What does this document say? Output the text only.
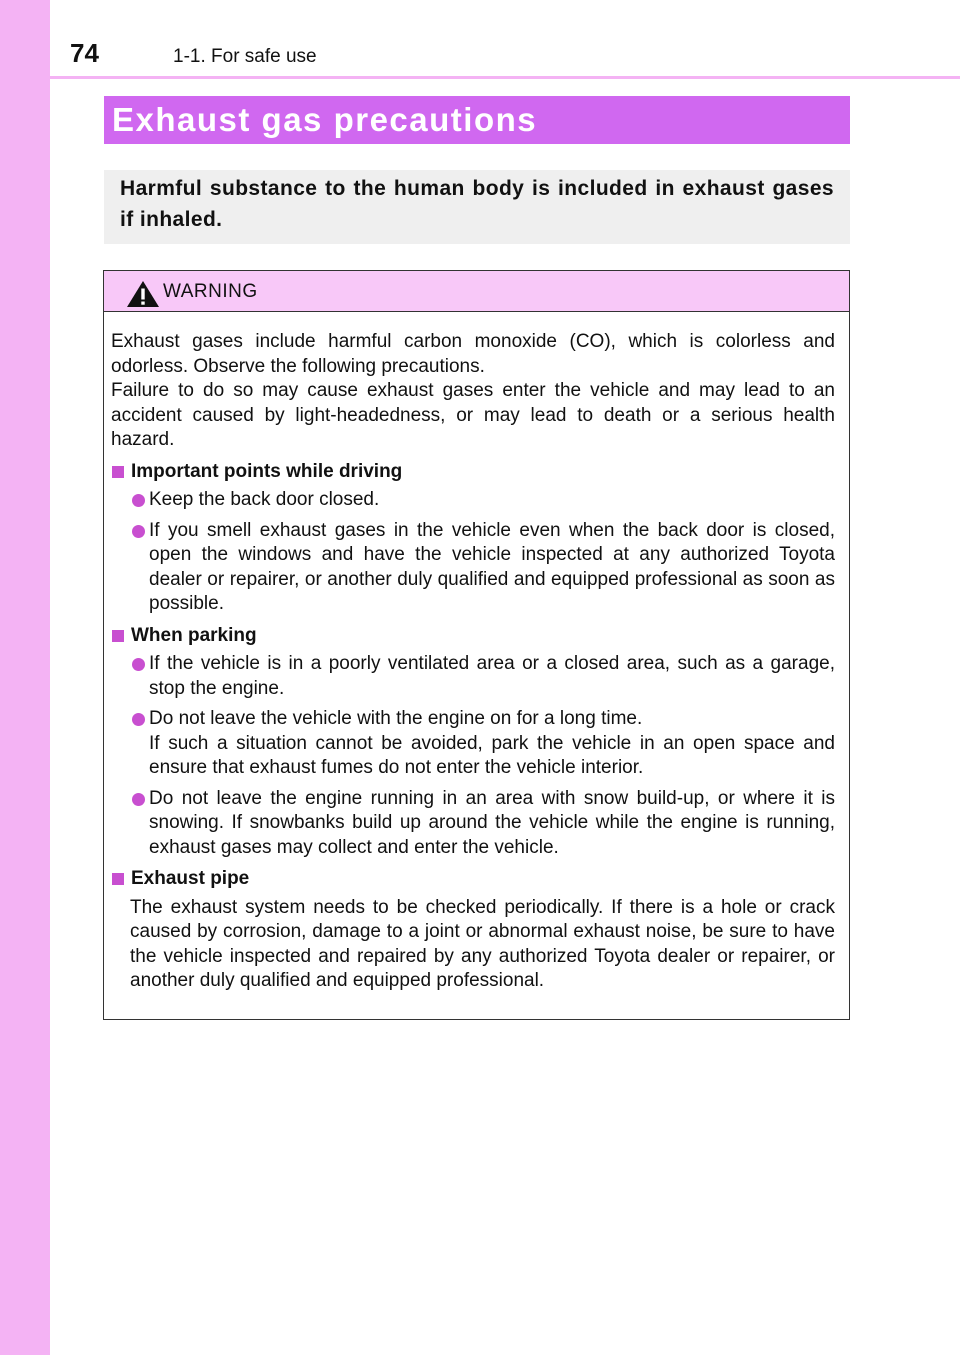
74	1-1. For safe use
Exhaust gas precautions

Harmful substance to the human body is included in exhaust gases if inhaled.

WARNING

Exhaust gases include harmful carbon monoxide (CO), which is colorless and odorless. Observe the following precautions.

Failure to do so may cause exhaust gases enter the vehicle and may lead to an accident caused by light-headedness, or may lead to death or a serious health hazard.

Important points while driving

Keep the back door closed.

If you smell exhaust gases in the vehicle even when the back door is closed, open the windows and have the vehicle inspected at any authorized Toyota dealer or repairer, or another duly qualified and equipped professional as soon as possible.

When parking

If the vehicle is in a poorly ventilated area or a closed area, such as a garage, stop the engine.

Do not leave the vehicle with the engine on for a long time.

If such a situation cannot be avoided, park the vehicle in an open space and ensure that exhaust fumes do not enter the vehicle interior.

Do not leave the engine running in an area with snow build-up, or where it is snowing. If snowbanks build up around the vehicle while the engine is running, exhaust gases may collect and enter the vehicle.

Exhaust pipe

The exhaust system needs to be checked periodically. If there is a hole or crack caused by corrosion, damage to a joint or abnormal exhaust noise, be sure to have the vehicle inspected and repaired by any authorized Toyota dealer or repairer, or another duly qualified and equipped professional.
